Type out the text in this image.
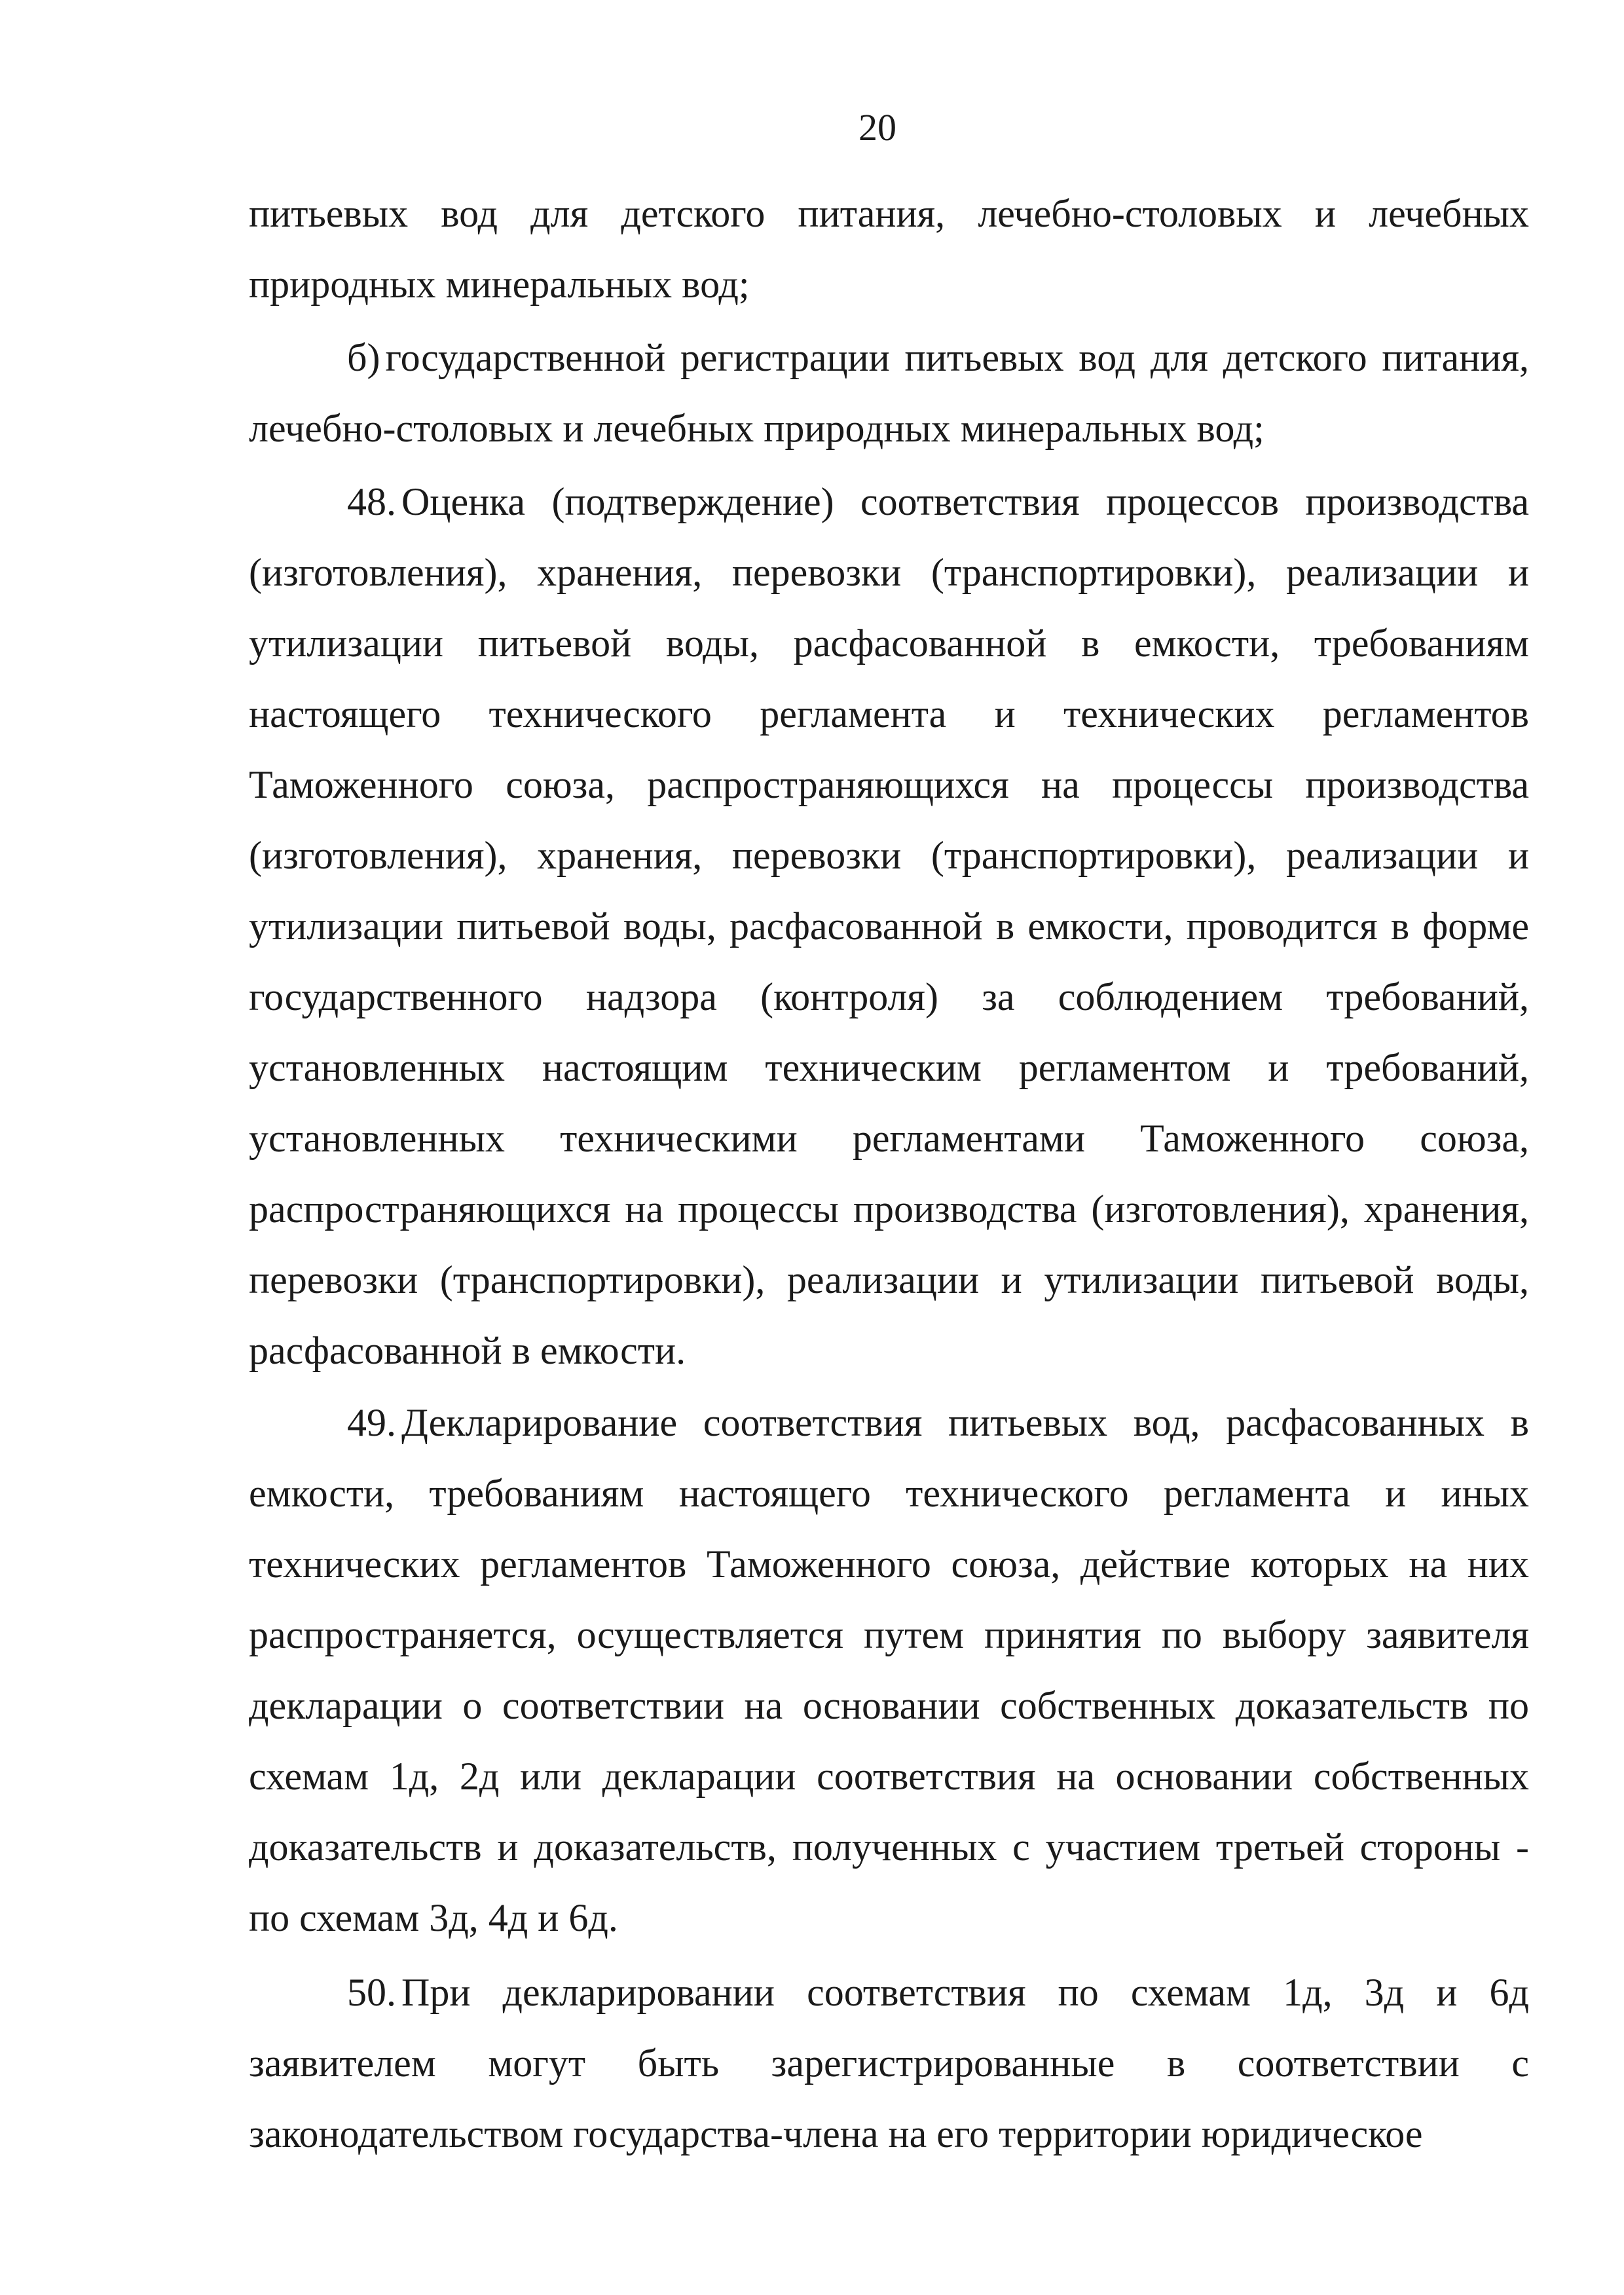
20

питьевых вод для детского питания, лечебно-столовых и лечебных природных минеральных вод;

б) государственной регистрации питьевых вод для детского питания, лечебно-столовых и лечебных природных минеральных вод;

48. Оценка (подтверждение) соответствия процессов производства (изготовления), хранения, перевозки (транспортировки), реализации и утилизации питьевой воды, расфасованной в емкости, требованиям настоящего технического регламента и технических регламентов Таможенного союза, распространяющихся на процессы производства (изготовления), хранения, перевозки (транспортировки), реализации и утилизации питьевой воды, расфасованной в емкости, проводится в форме государственного надзора (контроля) за соблюдением требований, установленных настоящим техническим регламентом и требований, установленных техническими регламентами Таможенного союза, распространяющихся на процессы производства (изготовления), хранения, перевозки (транспортировки), реализации и утилизации питьевой воды, расфасованной в емкости.

49. Декларирование соответствия питьевых вод, расфасованных в емкости, требованиям настоящего технического регламента и иных технических регламентов Таможенного союза, действие которых на них распространяется, осуществляется путем принятия по выбору заявителя декларации о соответствии на основании собственных доказательств по схемам 1д, 2д или декларации соответствия на основании собственных доказательств и доказательств, полученных с участием третьей стороны - по схемам 3д, 4д и 6д.

50. При декларировании соответствия по схемам 1д, 3д и 6д заявителем могут быть зарегистрированные в соответствии с законодательством государства-члена на его территории юридическое
